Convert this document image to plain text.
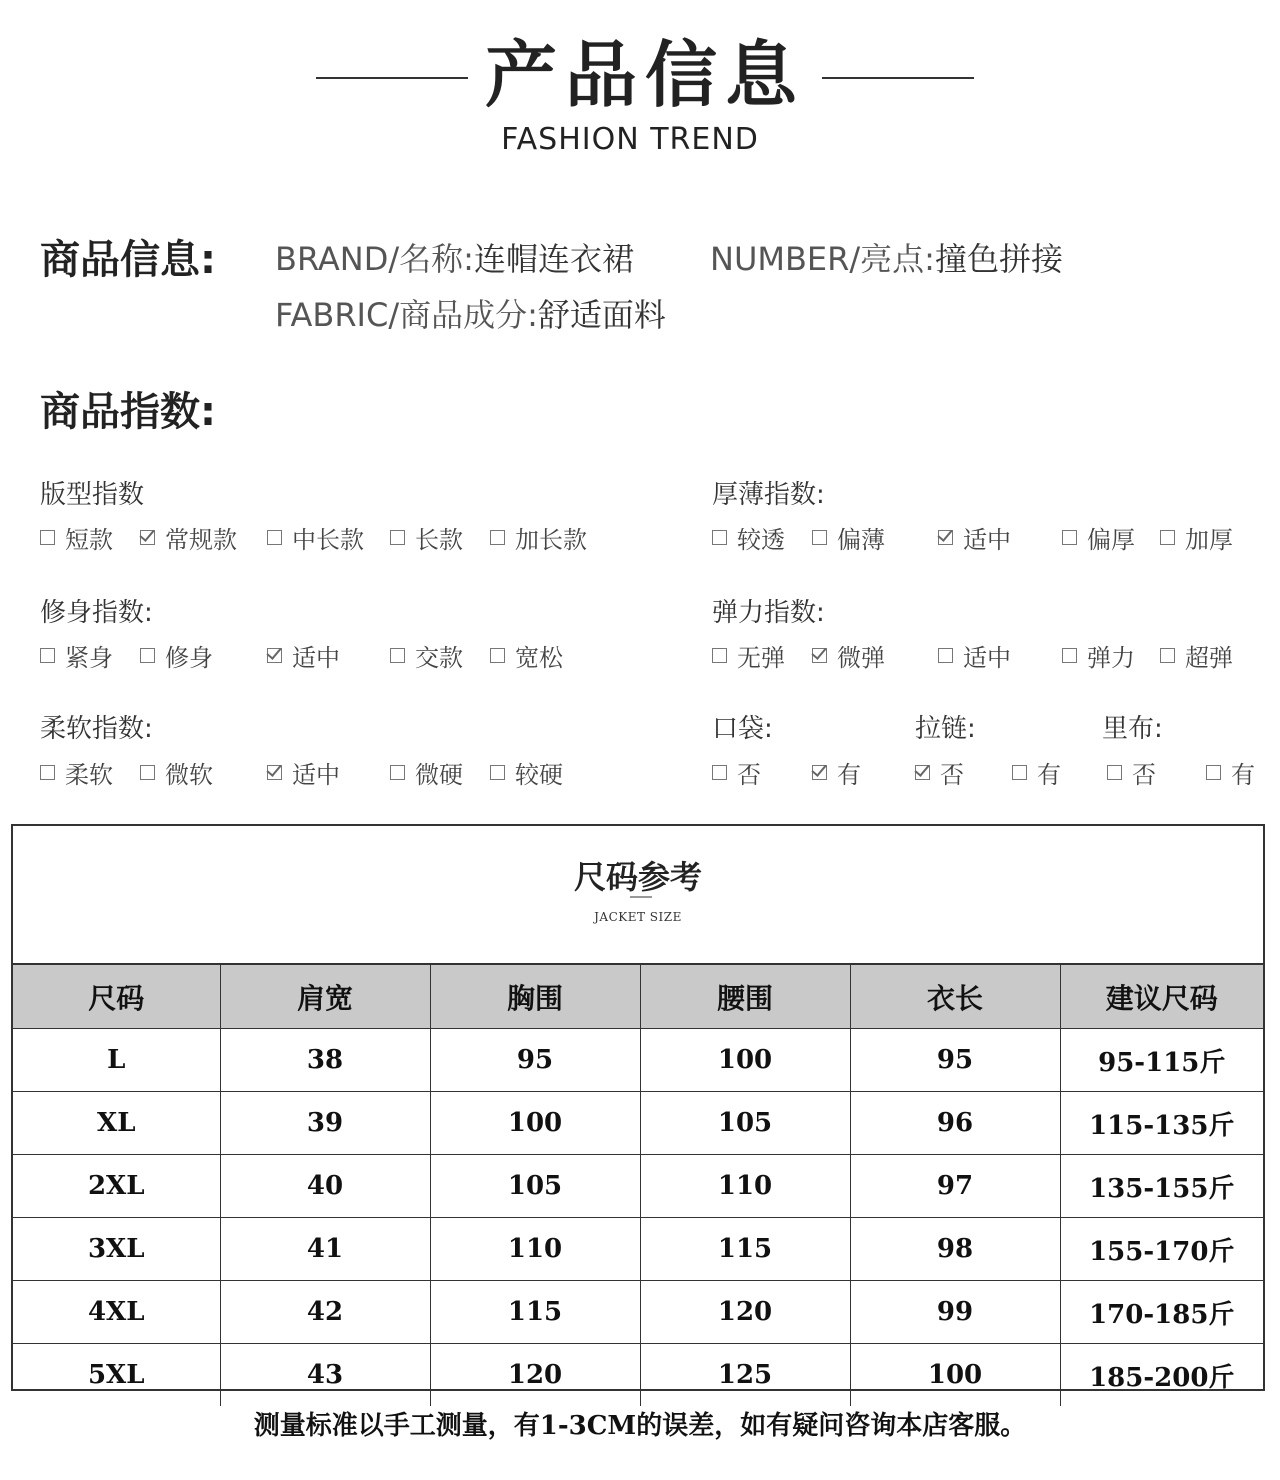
产品信息
FASHION TREND
商品信息: BRAND/名称:连帽连衣裙 NUMBER/亮点:撞色拼接
FABRIC/商品成分:舒适面料
商品指数:
版型指数
短款 常规款 中长款 长款 加长款
厚薄指数:
较透 偏薄	适中	偏厚 加厚
修身指数:
紧身 修身	适中	交款 宽松
弹力指数:
无弹 微弹	适中	弹力 超弹
柔软指数:
柔软 微软	适中	微硬 较硬
口袋:
否	有
拉链:
否	有
里布:
否	有
尺码参考
JACKET SIZE
尺码	肩宽	胸围	腰围	衣长	建议尺码
L	38	95	100	95	95-115斤
XL	39	100	105	96	115-135斤
2XL	40	105	110	97	135-155斤
3XL	41	110	115	98	155-170斤
4XL	42	115	120	99	170-185斤
5XL	43	120	125	100	185-200斤
测量标准以手工测量，有1-3CM的误差，如有疑问咨询本店客服。
